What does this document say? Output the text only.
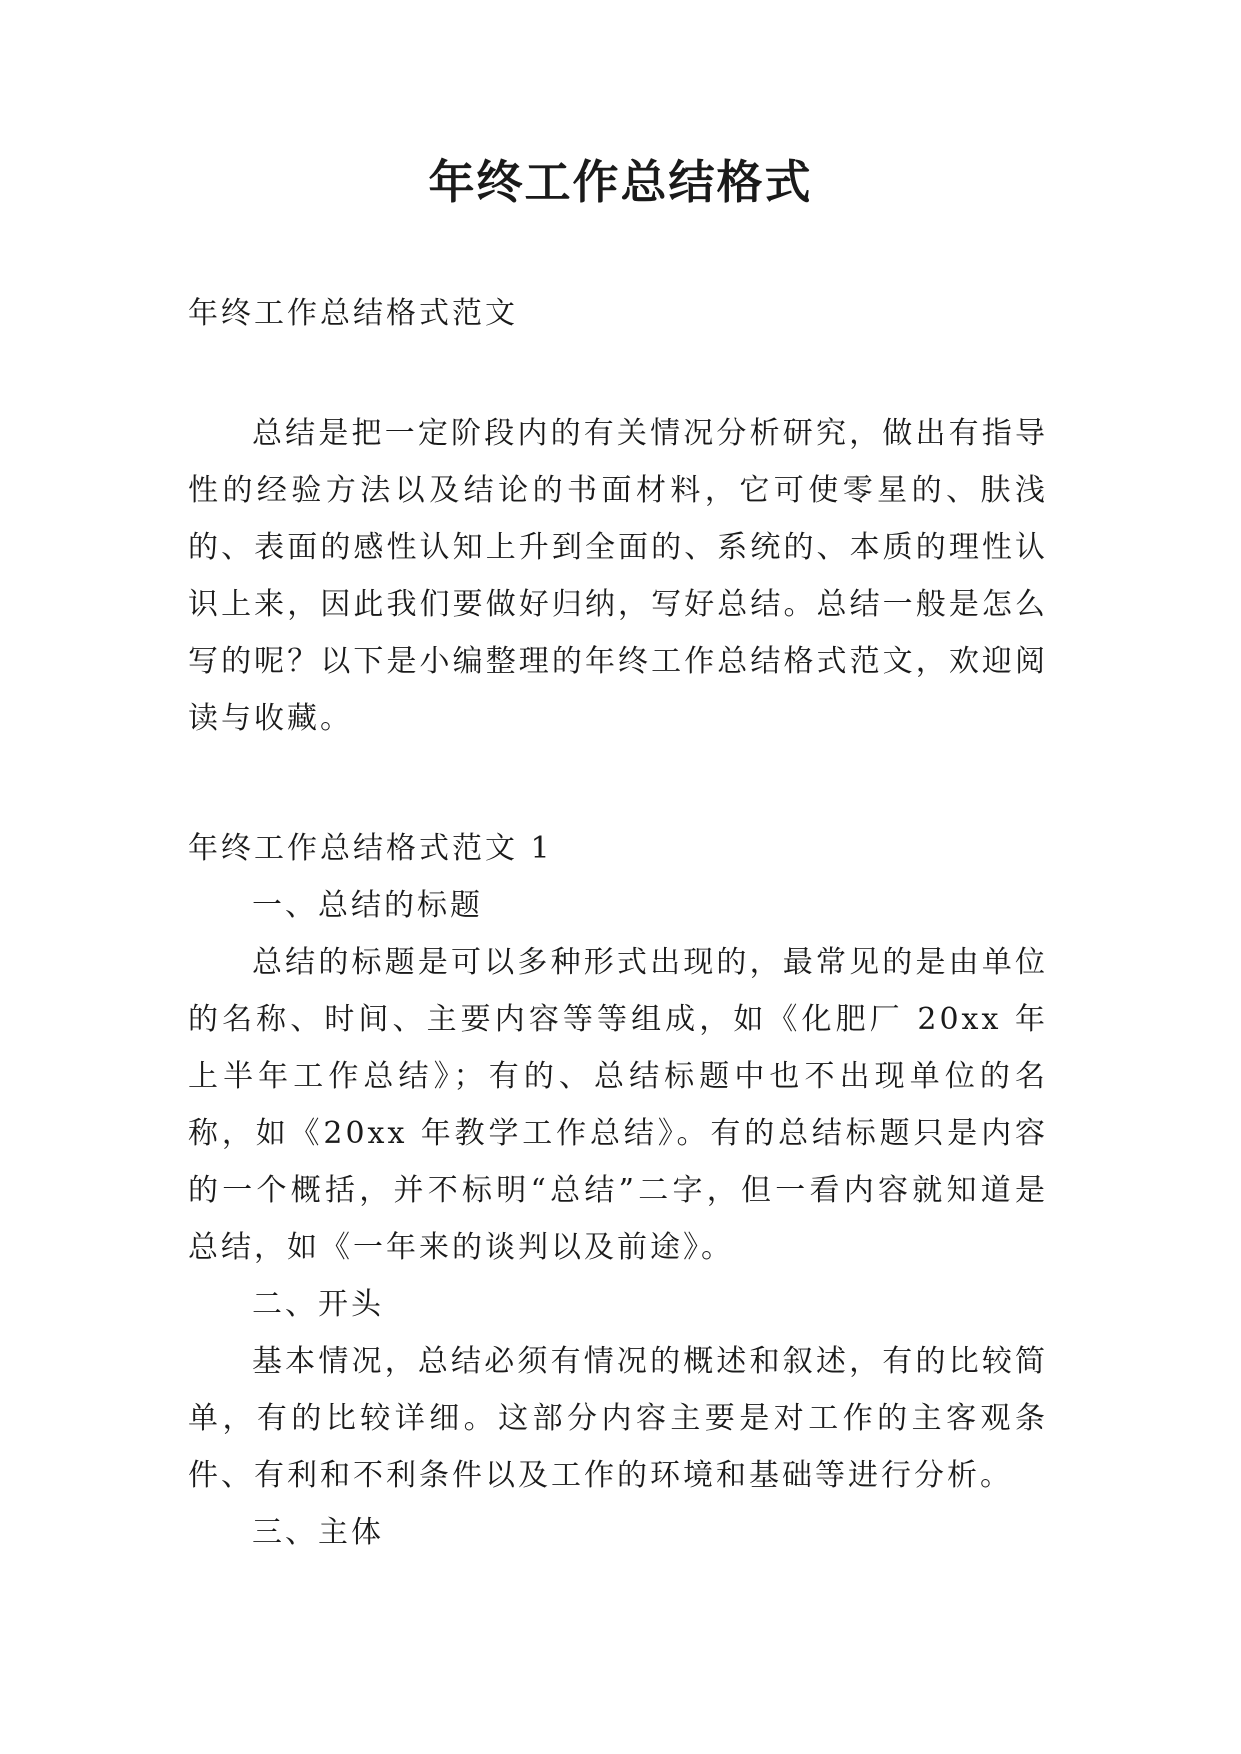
年终工作总结格式

年终工作总结格式范文

总结是把一定阶段内的有关情况分析研究，做出有指导性的经验方法以及结论的书面材料，它可使零星的、肤浅的、表面的感性认知上升到全面的、系统的、本质的理性认识上来，因此我们要做好归纳，写好总结。总结一般是怎么写的呢？以下是小编整理的年终工作总结格式范文，欢迎阅读与收藏。

年终工作总结格式范文 1

一、总结的标题

总结的标题是可以多种形式出现的，最常见的是由单位的名称、时间、主要内容等等组成，如《化肥厂 20xx 年上半年工作总结》；有的、总结标题中也不出现单位的名称，如《20xx 年教学工作总结》。有的总结标题只是内容的一个概括，并不标明“总结”二字，但一看内容就知道是总结，如《一年来的谈判以及前途》。

二、开头

基本情况，总结必须有情况的概述和叙述，有的比较简单，有的比较详细。这部分内容主要是对工作的主客观条件、有利和不利条件以及工作的环境和基础等进行分析。

三、主体
